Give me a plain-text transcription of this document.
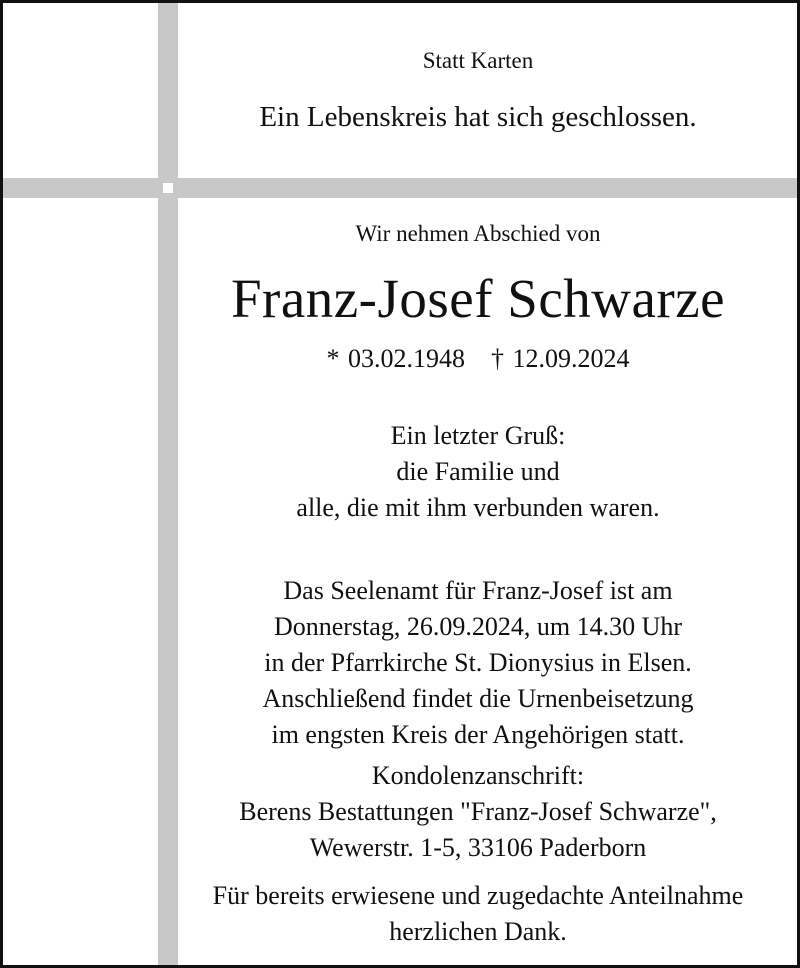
Statt Karten
Ein Lebenskreis hat sich geschlossen.
Wir nehmen Abschied von
Franz-Josef Schwarze
* 03.02.1948 † 12.09.2024
Ein letzter Gruß:
die Familie und
alle, die mit ihm verbunden waren.
Das Seelenamt für Franz-Josef ist am
Donnerstag, 26.09.2024, um 14.30 Uhr
in der Pfarrkirche St. Dionysius in Elsen.
Anschließend findet die Urnenbeisetzung
im engsten Kreis der Angehörigen statt.
Kondolenzanschrift:
Berens Bestattungen "Franz-Josef Schwarze",
Wewerstr. 1-5, 33106 Paderborn
Für bereits erwiesene und zugedachte Anteilnahme
herzlichen Dank.
